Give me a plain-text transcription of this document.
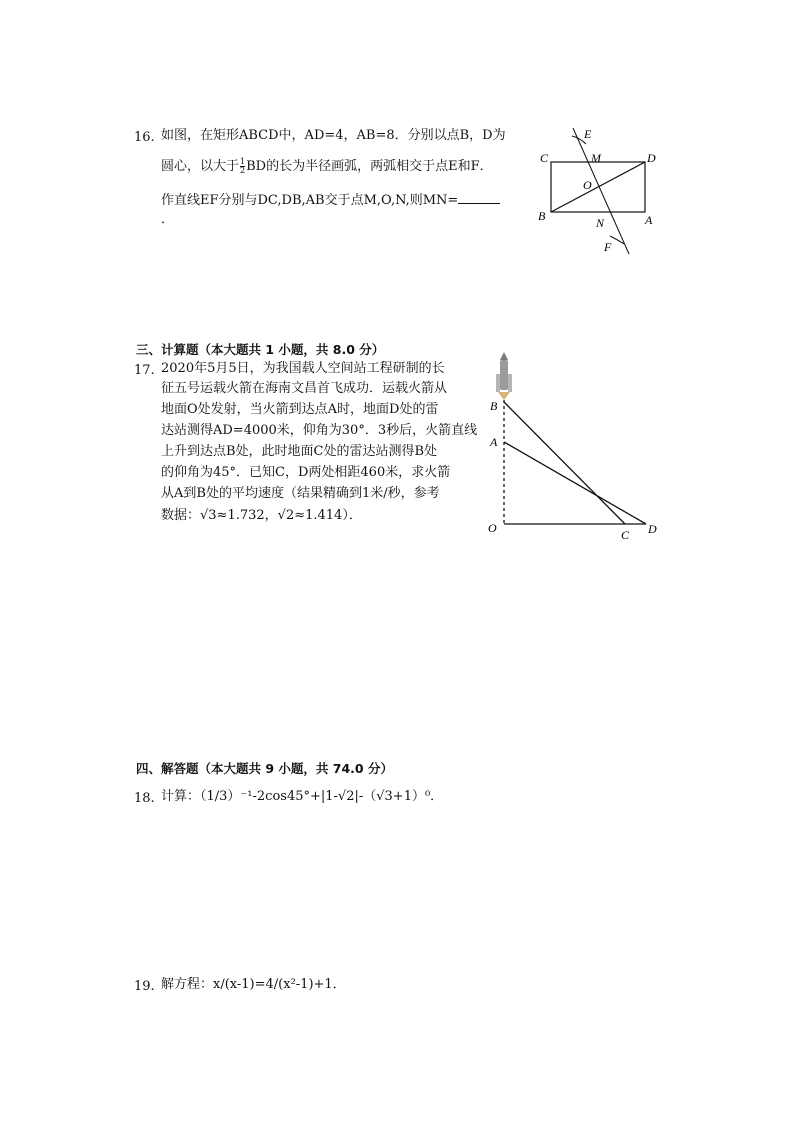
16. 如图，在矩形ABCD中，AD=4，AB=8．分别以点B，D为
圆心，以大于 $\frac{1}{2}$ BD的长为半径画弧，两弧相交于点E和F．
作直线EF分别与DC,DB,AB交于点M,O,N,则MN=
．
E
C	M	D
O
B	N	A
F
三、计算题（本大题共 1 小题，共 8.0 分）
17. 2020年5月5日，为我国载人空间站工程研制的长
征五号运载火箭在海南文昌首飞成功．运载火箭从
地面O处发射，当火箭到达点A时，地面D处的雷
达站测得AD=4000米，仰角为30°．3秒后，火箭直线
上升到达点B处，此时地面C处的雷达站测得B处
的仰角为45°．已知C，D两处相距460米，求火箭
从A到B处的平均速度（结果精确到1米/秒，参考
数据：√3≈1.732，√2≈1.414）．
B
A
O	C D
四、解答题（本大题共 9 小题，共 74.0 分）
18. 计算：（1/3）⁻¹-2cos45°+|1-√2|-（√3+1）⁰．
19. 解方程：x/(x-1)=4/(x²-1)+1．
